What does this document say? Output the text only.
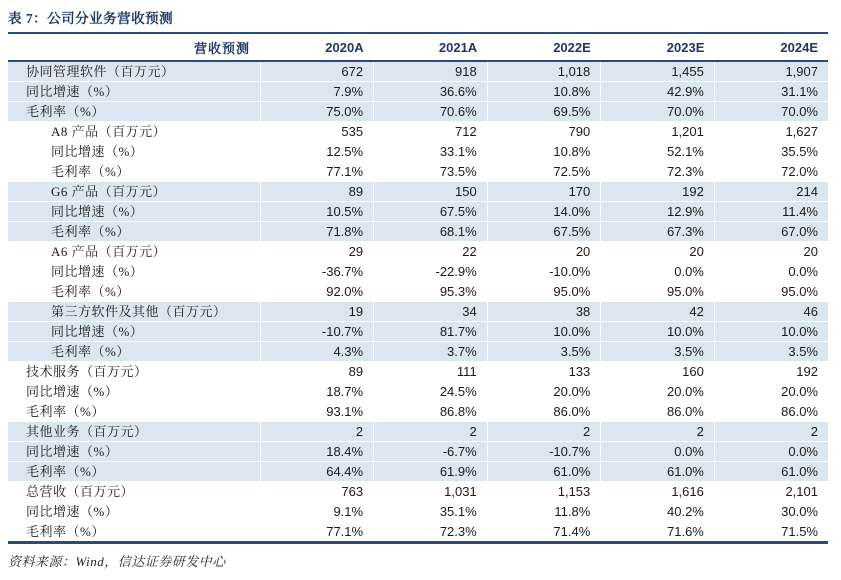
表 7：公司分业务营收预测
营收预测	2020A	2021A	2022E	2023E	2024E
协同管理软件（百万元）	672	918	1,018	1,455	1,907
同比增速（%）	7.9%	36.6%	10.8%	42.9%	31.1%
毛利率（%）	75.0%	70.6%	69.5%	70.0%	70.0%
A8 产品（百万元）	535	712	790	1,201	1,627
同比增速（%）	12.5%	33.1%	10.8%	52.1%	35.5%
毛利率（%）	77.1%	73.5%	72.5%	72.3%	72.0%
G6 产品（百万元）	89	150	170	192	214
同比增速（%）	10.5%	67.5%	14.0%	12.9%	11.4%
毛利率（%）	71.8%	68.1%	67.5%	67.3%	67.0%
A6 产品（百万元）	29	22	20	20	20
同比增速（%）	-36.7%	-22.9%	-10.0%	0.0%	0.0%
毛利率（%）	92.0%	95.3%	95.0%	95.0%	95.0%
第三方软件及其他（百万元）	19	34	38	42	46
同比增速（%）	-10.7%	81.7%	10.0%	10.0%	10.0%
毛利率（%）	4.3%	3.7%	3.5%	3.5%	3.5%
技术服务（百万元）	89	111	133	160	192
同比增速（%）	18.7%	24.5%	20.0%	20.0%	20.0%
毛利率（%）	93.1%	86.8%	86.0%	86.0%	86.0%
其他业务（百万元）	2	2	2	2	2
同比增速（%）	18.4%	-6.7%	-10.7%	0.0%	0.0%
毛利率（%）	64.4%	61.9%	61.0%	61.0%	61.0%
总营收（百万元）	763	1,031	1,153	1,616	2,101
同比增速（%）	9.1%	35.1%	11.8%	40.2%	30.0%
毛利率（%）	77.1%	72.3%	71.4%	71.6%	71.5%
资料来源：Wind，信达证券研发中心
